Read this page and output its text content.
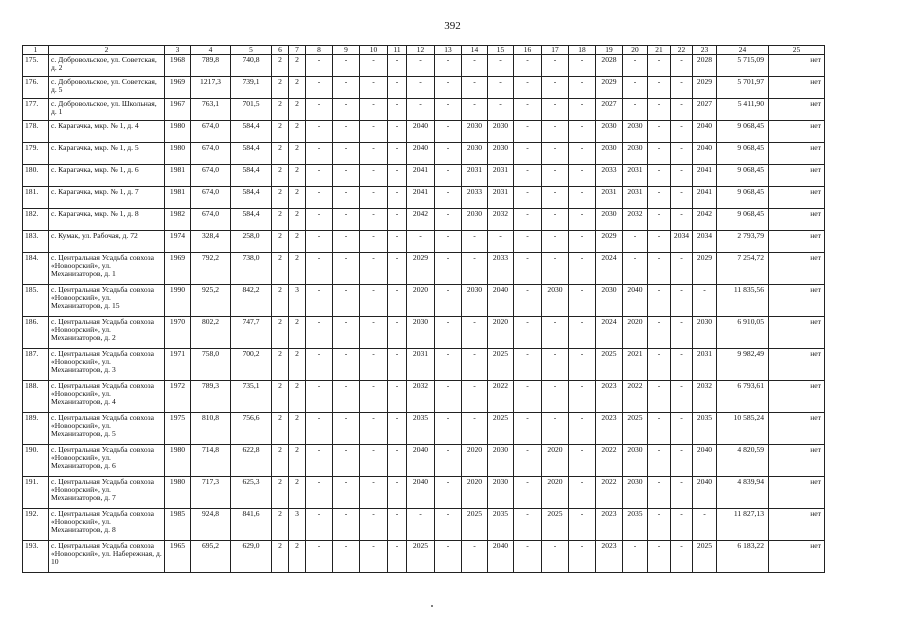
392
1	2	3	4	5	6	7	8	9	10	11	12	13	14	15	16	17	18	19	20	21	22	23	24	25
175.	с. Добровольское, ул. Советская, д. 2	1968	789,8	740,8	2	2	-	-	-	-	-	-	-	-	-	-	-	2028	-	-	-	2028	5 715,09	нет
176.	с. Добровольское, ул. Советская, д. 5	1969	1217,3	739,1	2	2	-	-	-	-	-	-	-	-	-	-	-	2029	-	-	-	2029	5 701,97	нет
177.	с. Добровольское, ул. Школьная, д. 1	1967	763,1	701,5	2	2	-	-	-	-	-	-	-	-	-	-	-	2027	-	-	-	2027	5 411,90	нет
178.	с. Карагачка, мкр. № 1, д. 4	1980	674,0	584,4	2	2	-	-	-	-	2040	-	2030	2030	-	-	-	2030	2030	-	-	2040	9 068,45	нет
179.	с. Карагачка, мкр. № 1, д. 5	1980	674,0	584,4	2	2	-	-	-	-	2040	-	2030	2030	-	-	-	2030	2030	-	-	2040	9 068,45	нет
180.	с. Карагачка, мкр. № 1, д. 6	1981	674,0	584,4	2	2	-	-	-	-	2041	-	2031	2031	-	-	-	2033	2031	-	-	2041	9 068,45	нет
181.	с. Карагачка, мкр. № 1, д. 7	1981	674,0	584,4	2	2	-	-	-	-	2041	-	2033	2031	-	-	-	2031	2031	-	-	2041	9 068,45	нет
182.	с. Карагачка, мкр. № 1, д. 8	1982	674,0	584,4	2	2	-	-	-	-	2042	-	2030	2032	-	-	-	2030	2032	-	-	2042	9 068,45	нет
183.	с. Кумак, ул. Рабочая, д. 72	1974	328,4	258,0	2	2	-	-	-	-	-	-	-	-	-	-	-	2029	-	-	2034	2034	2 793,79	нет
184.	с. Центральная Усадьба совхоза «Новоорский», ул. Механизаторов, д. 1	1969	792,2	738,0	2	2	-	-	-	-	2029	-	-	2033	-	-	-	2024	-	-	-	2029	7 254,72	нет
185.	с. Центральная Усадьба совхоза «Новоорский», ул. Механизаторов, д. 15	1990	925,2	842,2	2	3	-	-	-	-	2020	-	2030	2040	-	2030	-	2030	2040	-	-	-	11 835,56	нет
186.	с. Центральная Усадьба совхоза «Новоорский», ул. Механизаторов, д. 2	1970	802,2	747,7	2	2	-	-	-	-	2030	-	-	2020	-	-	-	2024	2020	-	-	2030	6 910,05	нет
187.	с. Центральная Усадьба совхоза «Новоорский», ул. Механизаторов, д. 3	1971	758,0	700,2	2	2	-	-	-	-	2031	-	-	2025	-	-	-	2025	2021	-	-	2031	9 982,49	нет
188.	с. Центральная Усадьба совхоза «Новоорский», ул. Механизаторов, д. 4	1972	789,3	735,1	2	2	-	-	-	-	2032	-	-	2022	-	-	-	2023	2022	-	-	2032	6 793,61	нет
189.	с. Центральная Усадьба совхоза «Новоорский», ул. Механизаторов, д. 5	1975	810,8	756,6	2	2	-	-	-	-	2035	-	-	2025	-	-	-	2023	2025	-	-	2035	10 585,24	нет
190.	с. Центральная Усадьба совхоза «Новоорский», ул. Механизаторов, д. 6	1980	714,8	622,8	2	2	-	-	-	-	2040	-	2020	2030	-	2020	-	2022	2030	-	-	2040	4 820,59	нет
191.	с. Центральная Усадьба совхоза «Новоорский», ул. Механизаторов, д. 7	1980	717,3	625,3	2	2	-	-	-	-	2040	-	2020	2030	-	2020	-	2022	2030	-	-	2040	4 839,94	нет
192.	с. Центральная Усадьба совхоза «Новоорский», ул. Механизаторов, д. 8	1985	924,8	841,6	2	3	-	-	-	-	-	-	2025	2035	-	2025	-	2023	2035	-	-	-	11 827,13	нет
193.	с. Центральная Усадьба совхоза «Новоорский», ул. Набережная, д. 10	1965	695,2	629,0	2	2	-	-	-	-	2025	-	-	2040	-	-	-	2023	-	-	-	2025	6 183,22	нет
